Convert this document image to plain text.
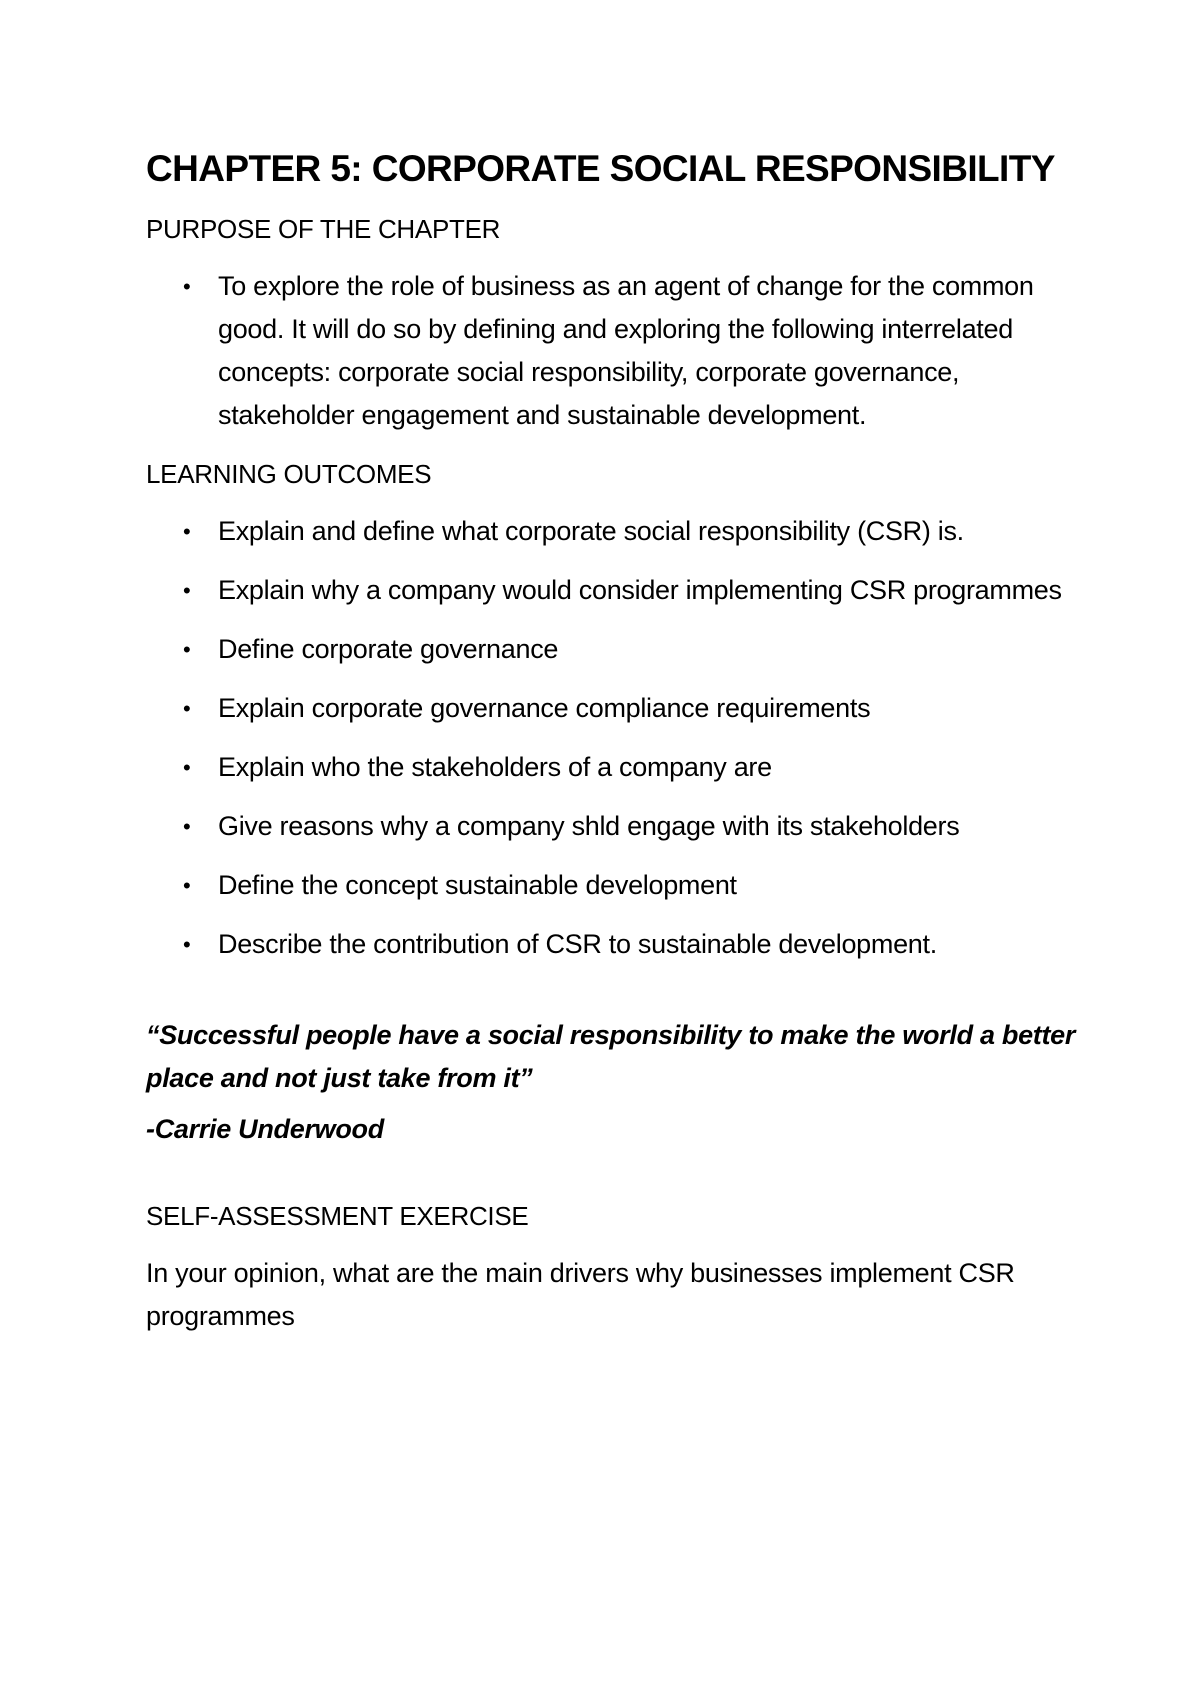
CHAPTER 5: CORPORATE SOCIAL RESPONSIBILITY
PURPOSE OF THE CHAPTER
• To explore the role of business as an agent of change for the common good. It will do so by defining and exploring the following interrelated concepts: corporate social responsibility, corporate governance, stakeholder engagement and sustainable development.
LEARNING OUTCOMES
• Explain and define what corporate social responsibility (CSR) is.
• Explain why a company would consider implementing CSR programmes
• Define corporate governance
• Explain corporate governance compliance requirements
• Explain who the stakeholders of a company are
• Give reasons why a company shld engage with its stakeholders
• Define the concept sustainable development
• Describe the contribution of CSR to sustainable development.

“Successful people have a social responsibility to make the world a better place and not just take from it”

-Carrie Underwood

SELF-ASSESSMENT EXERCISE

In your opinion, what are the main drivers why businesses implement CSR programmes
